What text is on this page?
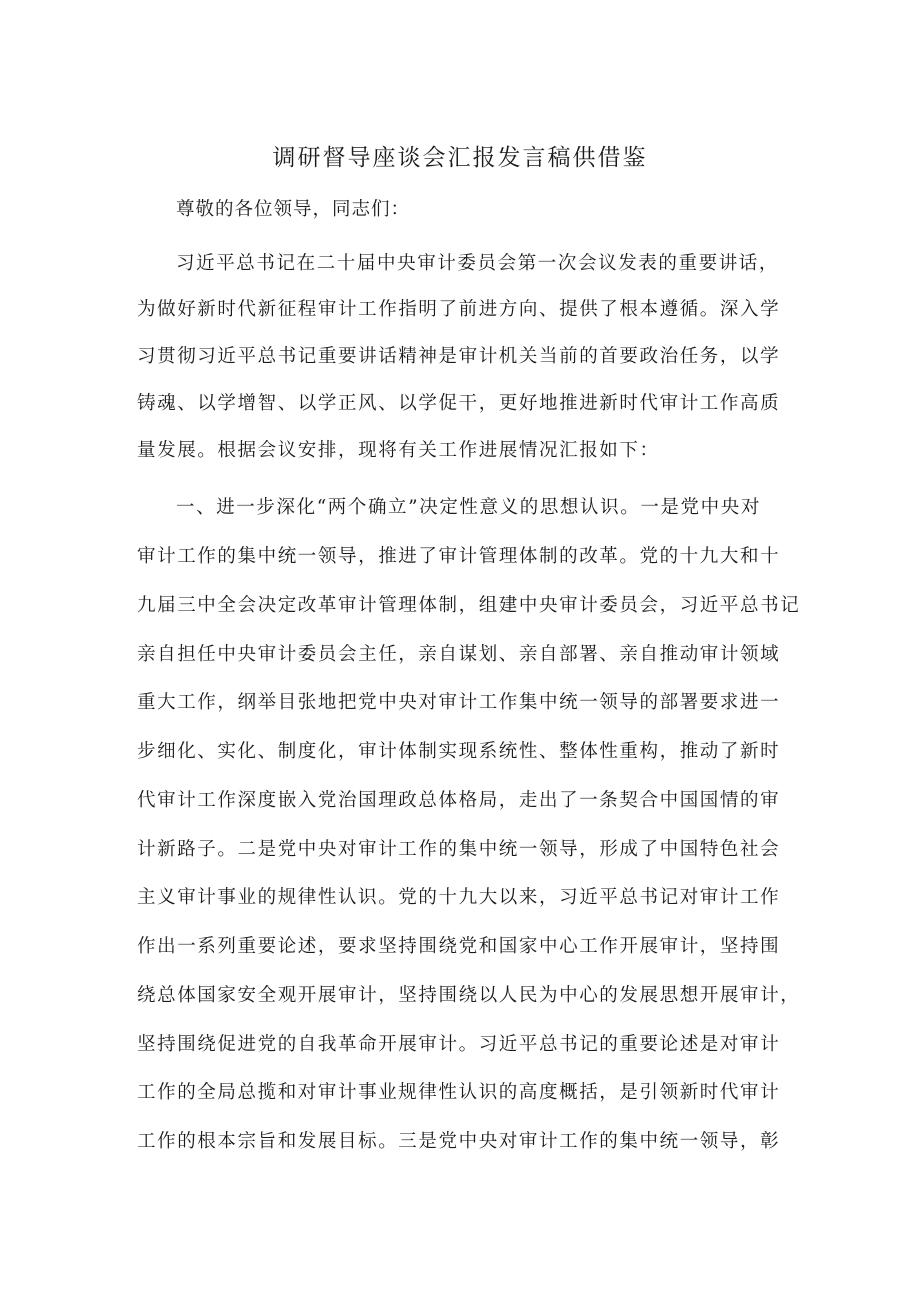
调研督导座谈会汇报发言稿供借鉴
尊敬的各位领导，同志们：
习近平总书记在二十届中央审计委员会第一次会议发表的重要讲话，
为做好新时代新征程审计工作指明了前进方向、提供了根本遵循。深入学
习贯彻习近平总书记重要讲话精神是审计机关当前的首要政治任务，以学
铸魂、以学增智、以学正风、以学促干，更好地推进新时代审计工作高质
量发展。根据会议安排，现将有关工作进展情况汇报如下：
一、进一步深化“两个确立”决定性意义的思想认识。一是党中央对
审计工作的集中统一领导，推进了审计管理体制的改革。党的十九大和十
九届三中全会决定改革审计管理体制，组建中央审计委员会，习近平总书记
亲自担任中央审计委员会主任，亲自谋划、亲自部署、亲自推动审计领域
重大工作，纲举目张地把党中央对审计工作集中统一领导的部署要求进一
步细化、实化、制度化，审计体制实现系统性、整体性重构，推动了新时
代审计工作深度嵌入党治国理政总体格局，走出了一条契合中国国情的审
计新路子。二是党中央对审计工作的集中统一领导，形成了中国特色社会
主义审计事业的规律性认识。党的十九大以来，习近平总书记对审计工作
作出一系列重要论述，要求坚持围绕党和国家中心工作开展审计，坚持围
绕总体国家安全观开展审计，坚持围绕以人民为中心的发展思想开展审计，
坚持围绕促进党的自我革命开展审计。习近平总书记的重要论述是对审计
工作的全局总揽和对审计事业规律性认识的高度概括，是引领新时代审计
工作的根本宗旨和发展目标。三是党中央对审计工作的集中统一领导，彰
